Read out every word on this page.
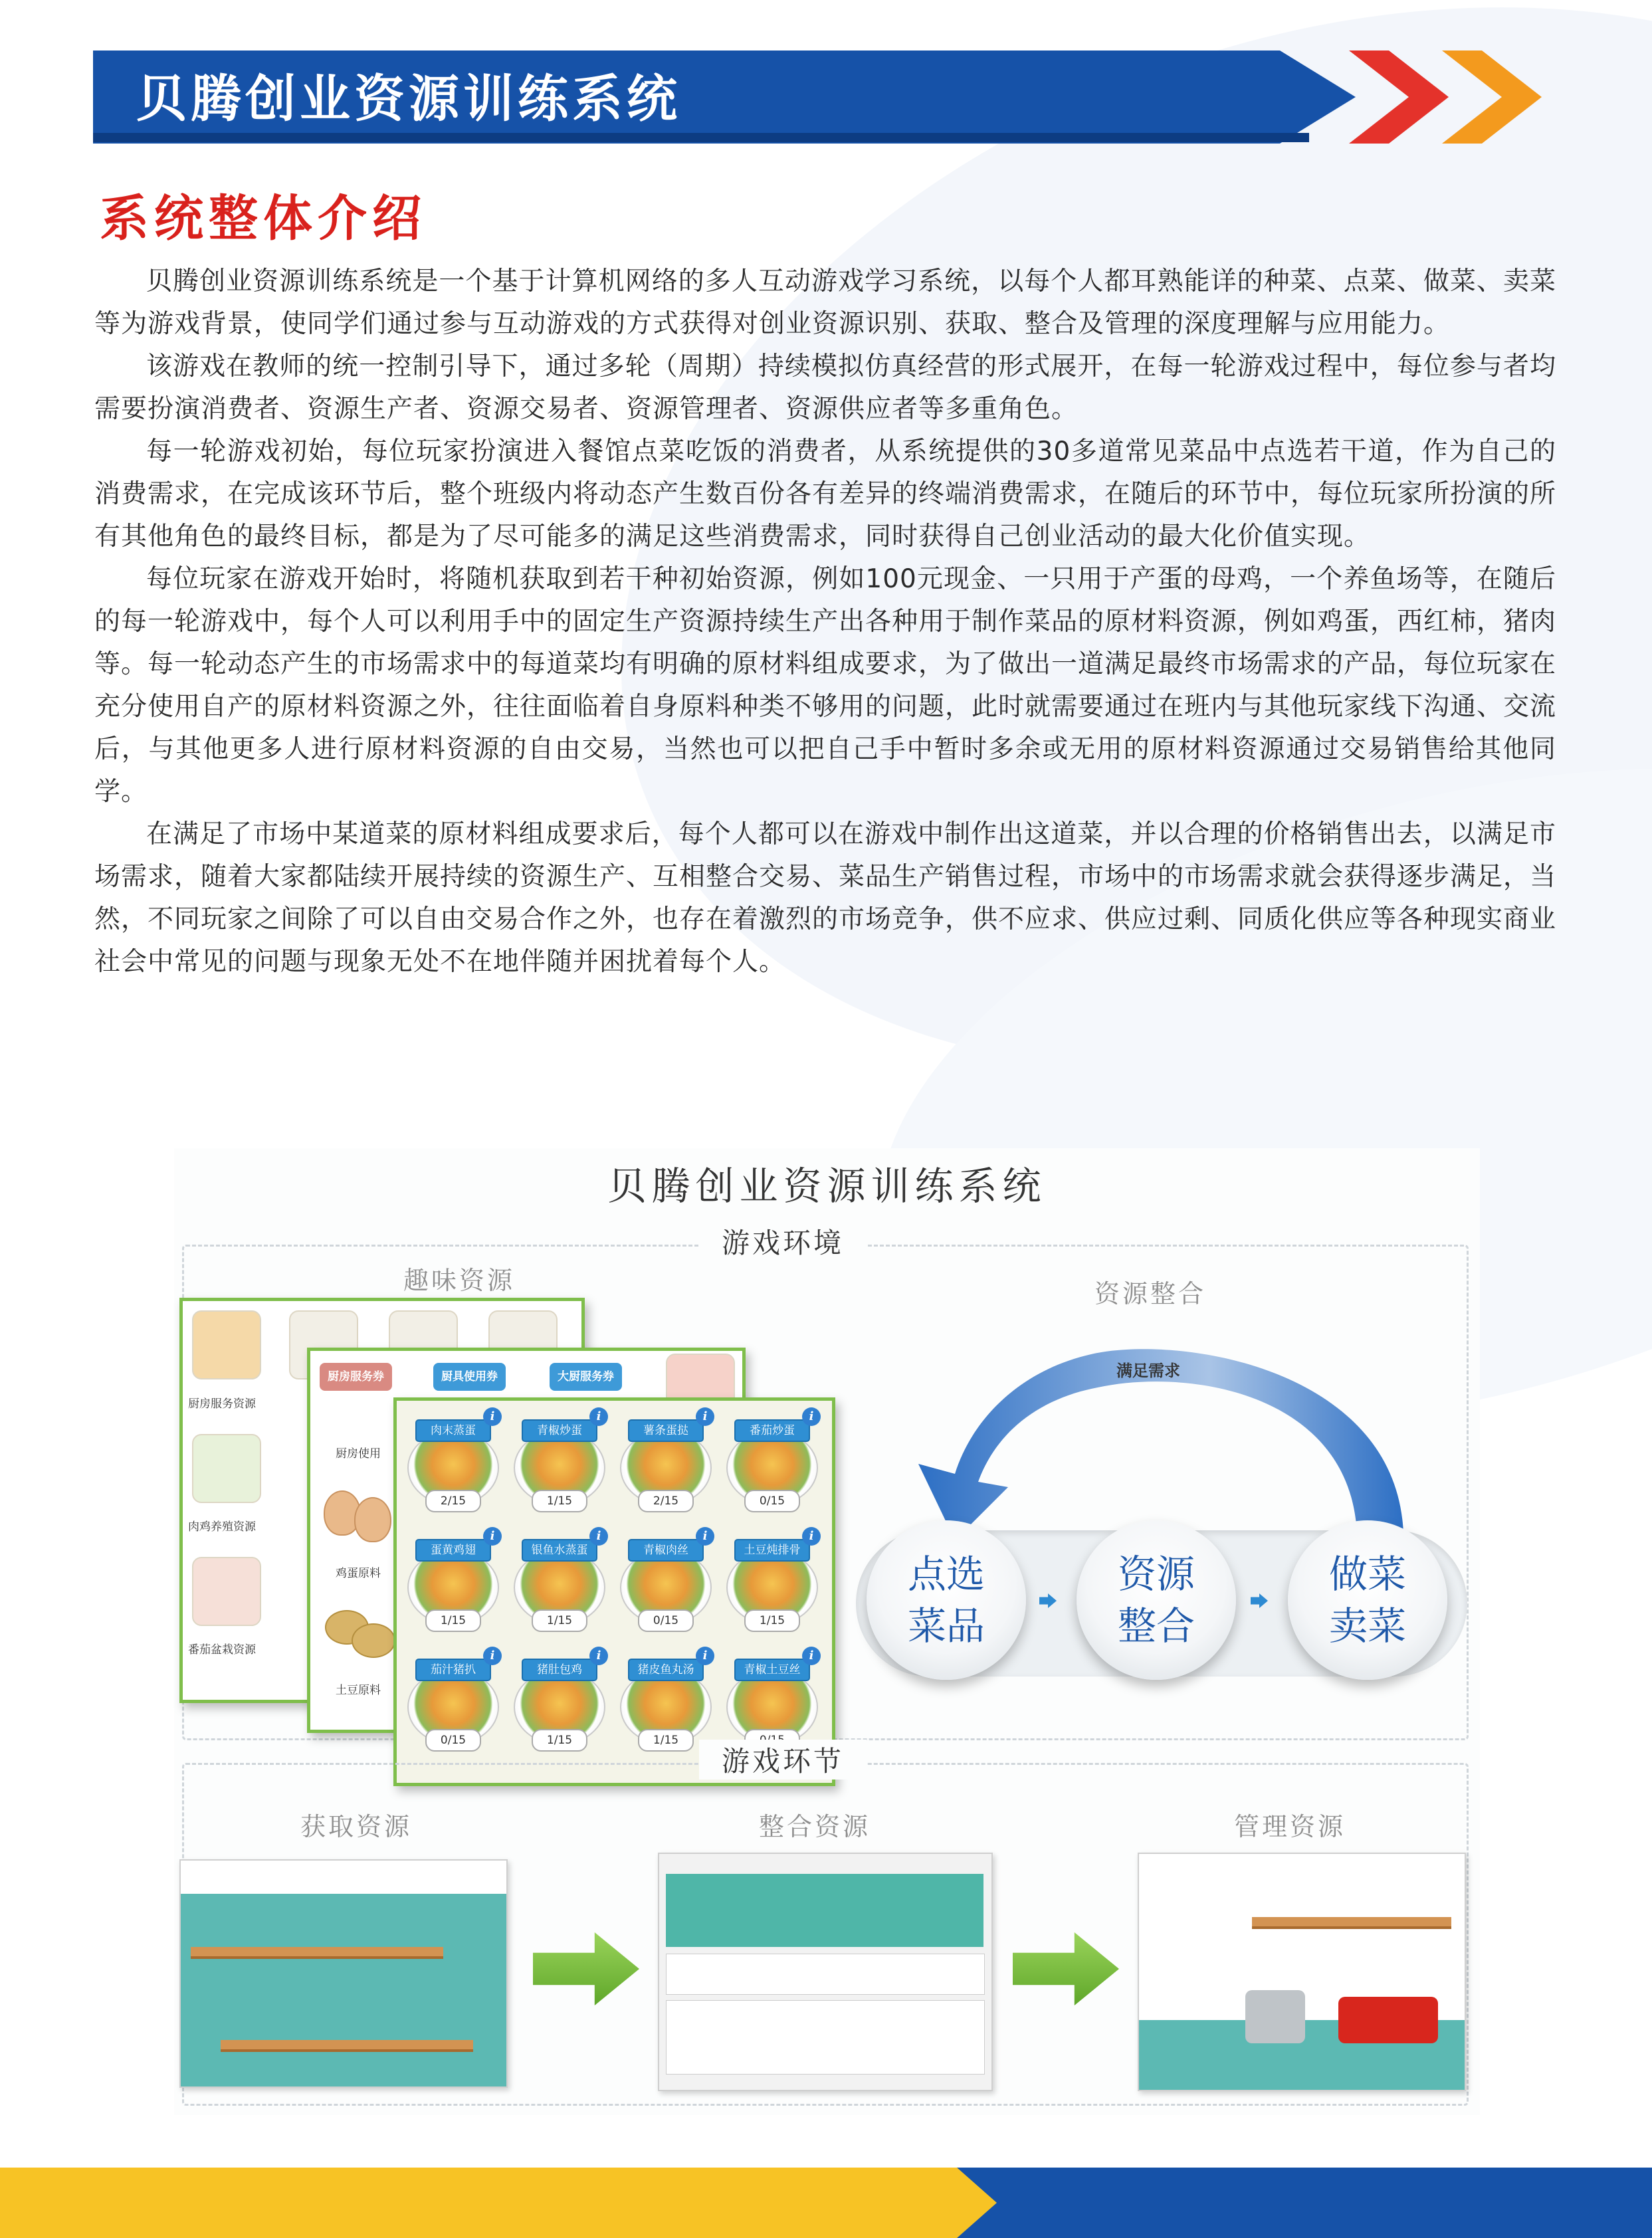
贝腾创业资源训练系统
系统整体介绍

贝腾创业资源训练系统是一个基于计算机网络的多人互动游戏学习系统，以每个人都耳熟能详的种菜、点菜、做菜、卖菜等为游戏背景，使同学们通过参与互动游戏的方式获得对创业资源识别、获取、整合及管理的深度理解与应用能力。

该游戏在教师的统一控制引导下，通过多轮（周期）持续模拟仿真经营的形式展开，在每一轮游戏过程中，每位参与者均需要扮演消费者、资源生产者、资源交易者、资源管理者、资源供应者等多重角色。

每一轮游戏初始，每位玩家扮演进入餐馆点菜吃饭的消费者，从系统提供的30多道常见菜品中点选若干道，作为自己的消费需求，在完成该环节后，整个班级内将动态产生数百份各有差异的终端消费需求，在随后的环节中，每位玩家所扮演的所有其他角色的最终目标，都是为了尽可能多的满足这些消费需求，同时获得自己创业活动的最大化价值实现。

每位玩家在游戏开始时，将随机获取到若干种初始资源，例如100元现金、一只用于产蛋的母鸡，一个养鱼场等，在随后的每一轮游戏中，每个人可以利用手中的固定生产资源持续生产出各种用于制作菜品的原材料资源，例如鸡蛋，西红柿，猪肉等。每一轮动态产生的市场需求中的每道菜均有明确的原材料组成要求，为了做出一道满足最终市场需求的产品，每位玩家在充分使用自产的原材料资源之外，往往面临着自身原料种类不够用的问题，此时就需要通过在班内与其他玩家线下沟通、交流后，与其他更多人进行原材料资源的自由交易，当然也可以把自己手中暂时多余或无用的原材料资源通过交易销售给其他同学。

在满足了市场中某道菜的原材料组成要求后，每个人都可以在游戏中制作出这道菜，并以合理的价格销售出去，以满足市场需求，随着大家都陆续开展持续的资源生产、互相整合交易、菜品生产销售过程，市场中的市场需求就会获得逐步满足，当然，不同玩家之间除了可以自由交易合作之外，也存在着激烈的市场竞争，供不应求、供应过剩、同质化供应等各种现实商业社会中常见的问题与现象无处不在地伴随并困扰着每个人。

贝腾创业资源训练系统
游戏环境
趣味资源	资源整合
厨房服务资源
肉鸡养殖资源
番茄盆栽资源
厨房服务券	厨具使用券	大厨服务券
厨房使用
鸡蛋原料
土豆原料
肉末蒸蛋
2/15
i
青椒炒蛋
1/15
i
薯条蛋挞
2/15
i
番茄炒蛋
0/15
i
蛋黄鸡翅
1/15
i
银鱼水蒸蛋
1/15
i
青椒肉丝
0/15
i
土豆炖排骨
1/15
i
茄汁猪扒
0/15
i
猪肚包鸡
1/15
i
猪皮鱼丸汤
1/15
i
青椒土豆丝
i
满足需求
点选菜品
资源整合
做菜卖菜
游戏环节
获取资源	整合资源	管理资源
